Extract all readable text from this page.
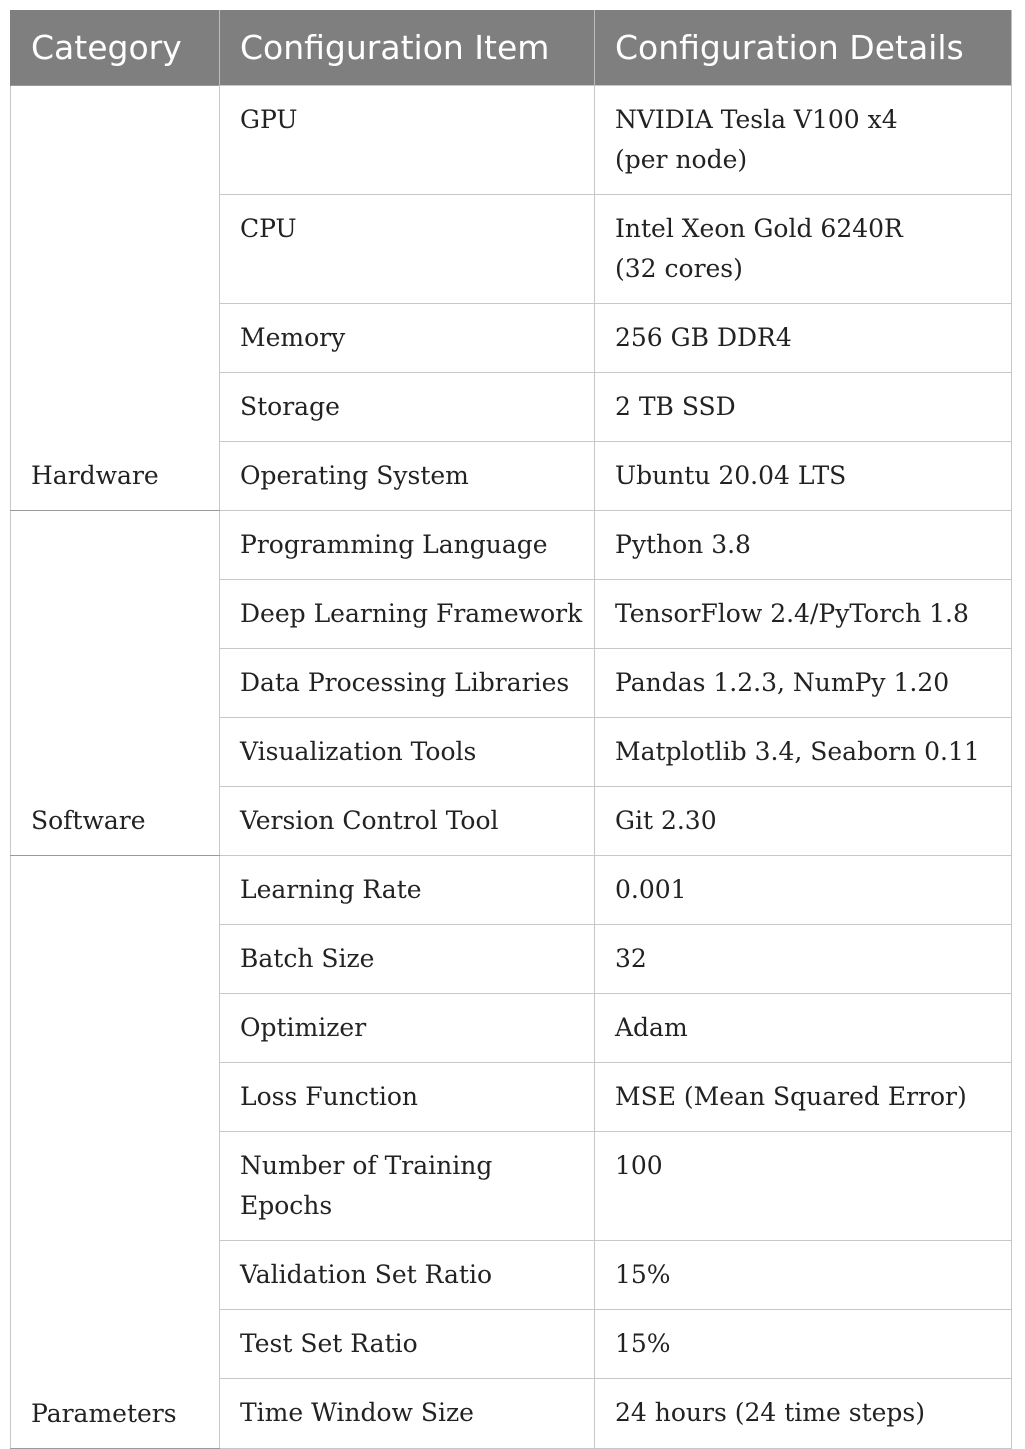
Category	Configuration Item	Configuration Details
Hardware	GPU	NVIDIA Tesla V100 x4
(per node)

	CPU	Intel Xeon Gold 6240R
(32 cores)

	Memory	256 GB DDR4
	Storage	2 TB SSD
	Operating System	Ubuntu 20.04 LTS
Software	Programming Language	Python 3.8
	Deep Learning Framework	TensorFlow 2.4/PyTorch 1.8
	Data Processing Libraries	Pandas 1.2.3, NumPy 1.20
	Visualization Tools	Matplotlib 3.4, Seaborn 0.11
	Version Control Tool	Git 2.30
Parameters	Learning Rate	0.001
	Batch Size	32
	Optimizer	Adam
	Loss Function	MSE (Mean Squared Error)
	Number of Training Epochs	100
	Validation Set Ratio	15%
	Test Set Ratio	15%
	Time Window Size	24 hours (24 time steps)
